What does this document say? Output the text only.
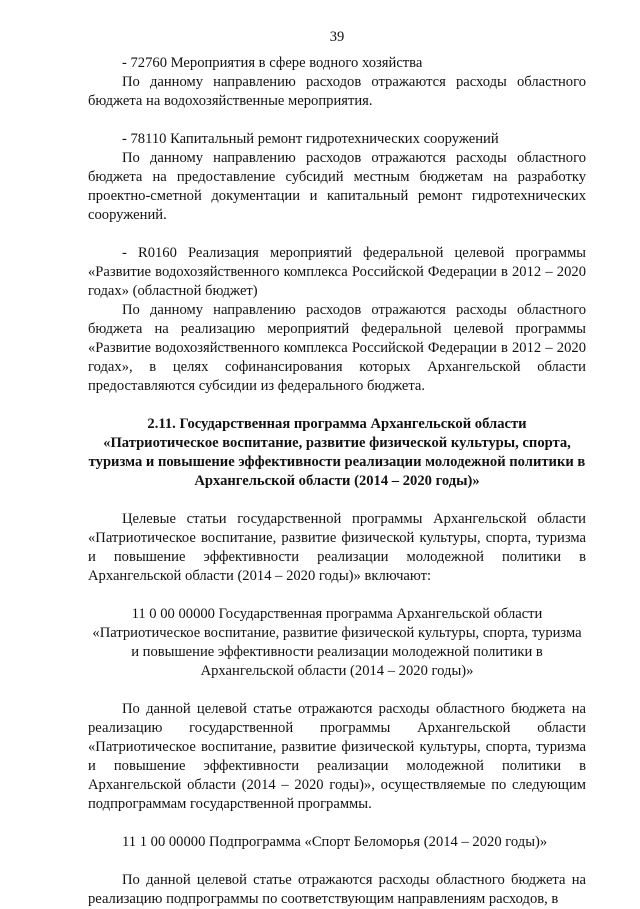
39

- 72760 Мероприятия в сфере водного хозяйства

По данному направлению расходов отражаются расходы областного бюджета на водохозяйственные мероприятия.

- 78110 Капитальный ремонт гидротехнических сооружений

По данному направлению расходов отражаются расходы областного бюджета на предоставление субсидий местным бюджетам на разработку проектно-сметной документации и капитальный ремонт гидротехнических сооружений.

- R0160 Реализация мероприятий федеральной целевой программы «Развитие водохозяйственного комплекса Российской Федерации в 2012 – 2020 годах» (областной бюджет)

По данному направлению расходов отражаются расходы областного бюджета на реализацию мероприятий федеральной целевой программы «Развитие водохозяйственного комплекса Российской Федерации в 2012 – 2020 годах», в целях софинансирования которых Архангельской области предоставляются субсидии из федерального бюджета.

2.11. Государственная программа Архангельской области «Патриотическое воспитание, развитие физической культуры, спорта, туризма и повышение эффективности реализации молодежной политики в Архангельской области (2014 – 2020 годы)»

Целевые статьи государственной программы Архангельской области «Патриотическое воспитание, развитие физической культуры, спорта, туризма и повышение эффективности реализации молодежной политики в Архангельской области (2014 – 2020 годы)» включают:

11 0 00 00000 Государственная программа Архангельской области «Патриотическое воспитание, развитие физической культуры, спорта, туризма и повышение эффективности реализации молодежной политики в Архангельской области (2014 – 2020 годы)»

По данной целевой статье отражаются расходы областного бюджета на реализацию государственной программы Архангельской области «Патриотическое воспитание, развитие физической культуры, спорта, туризма и повышение эффективности реализации молодежной политики в Архангельской области (2014 – 2020 годы)», осуществляемые по следующим подпрограммам государственной программы.

11 1 00 00000 Подпрограмма «Спорт Беломорья (2014 – 2020 годы)»

По данной целевой статье отражаются расходы областного бюджета на реализацию подпрограммы по соответствующим направлениям расходов, в
